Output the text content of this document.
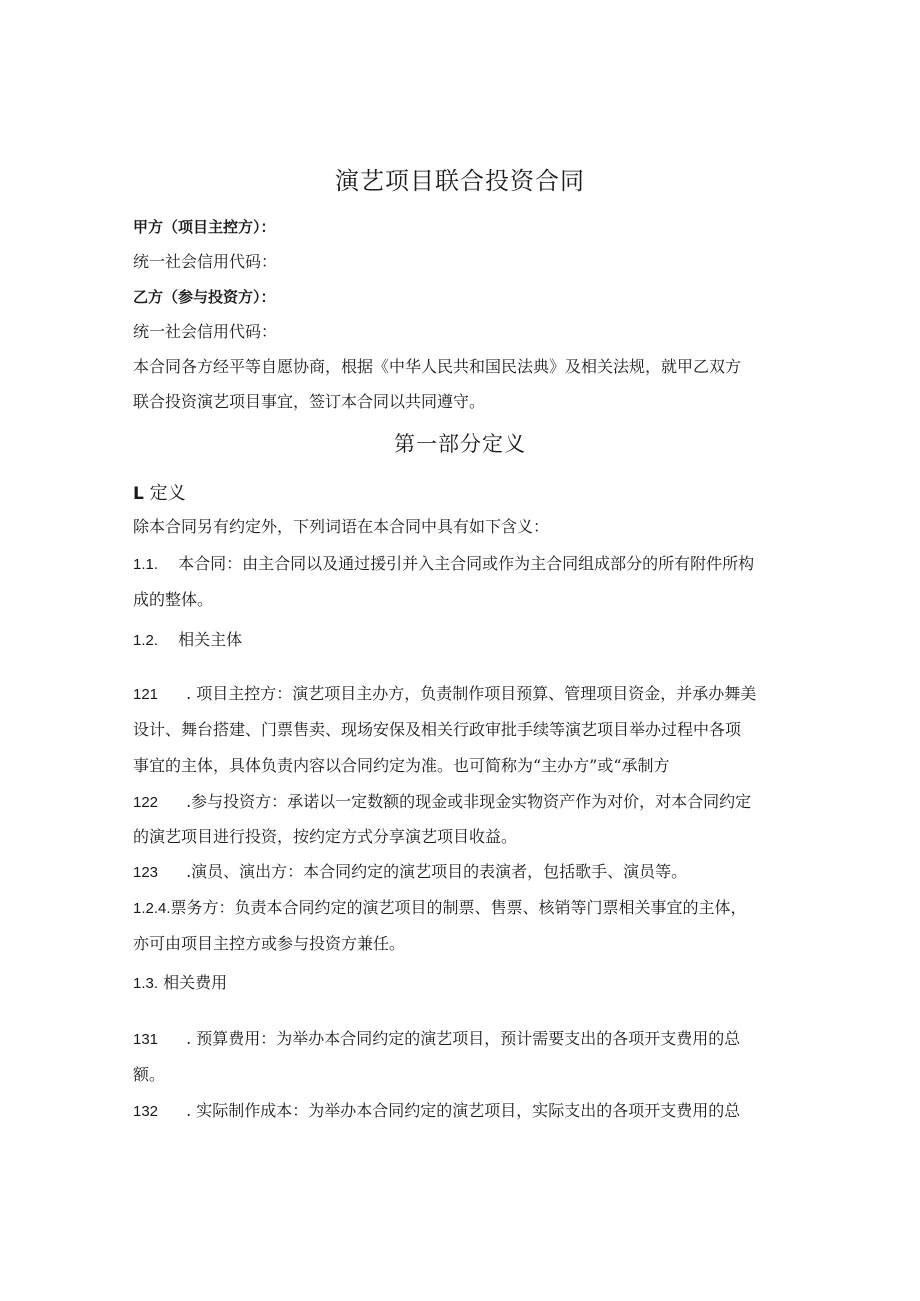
演艺项目联合投资合同
甲方（项目主控方）：
统一社会信用代码：
乙方（参与投资方）：
统一社会信用代码：
本合同各方经平等自愿协商，根据《中华人民共和国民法典》及相关法规，就甲乙双方
联合投资演艺项目事宜，签订本合同以共同遵守。
第一部分定义
L 定义
除本合同另有约定外，下列词语在本合同中具有如下含义：
1.1. 本合同：由主合同以及通过援引并入主合同或作为主合同组成部分的所有附件所构
成的整体。
1.2. 相关主体
121 . 项目主控方：演艺项目主办方，负责制作项目预算、管理项目资金，并承办舞美
设计、舞台搭建、门票售卖、现场安保及相关行政审批手续等演艺项目举办过程中各项
事宜的主体，具体负责内容以合同约定为准。也可简称为“主办方”或“承制方
122 .参与投资方：承诺以一定数额的现金或非现金实物资产作为对价，对本合同约定
的演艺项目进行投资，按约定方式分享演艺项目收益。
123 .演员、演出方：本合同约定的演艺项目的表演者，包括歌手、演员等。
1.2.4.票务方：负责本合同约定的演艺项目的制票、售票、核销等门票相关事宜的主体，
亦可由项目主控方或参与投资方兼任。
1.3. 相关费用
131 . 预算费用：为举办本合同约定的演艺项目，预计需要支出的各项开支费用的总
额。
132 . 实际制作成本：为举办本合同约定的演艺项目，实际支出的各项开支费用的总
